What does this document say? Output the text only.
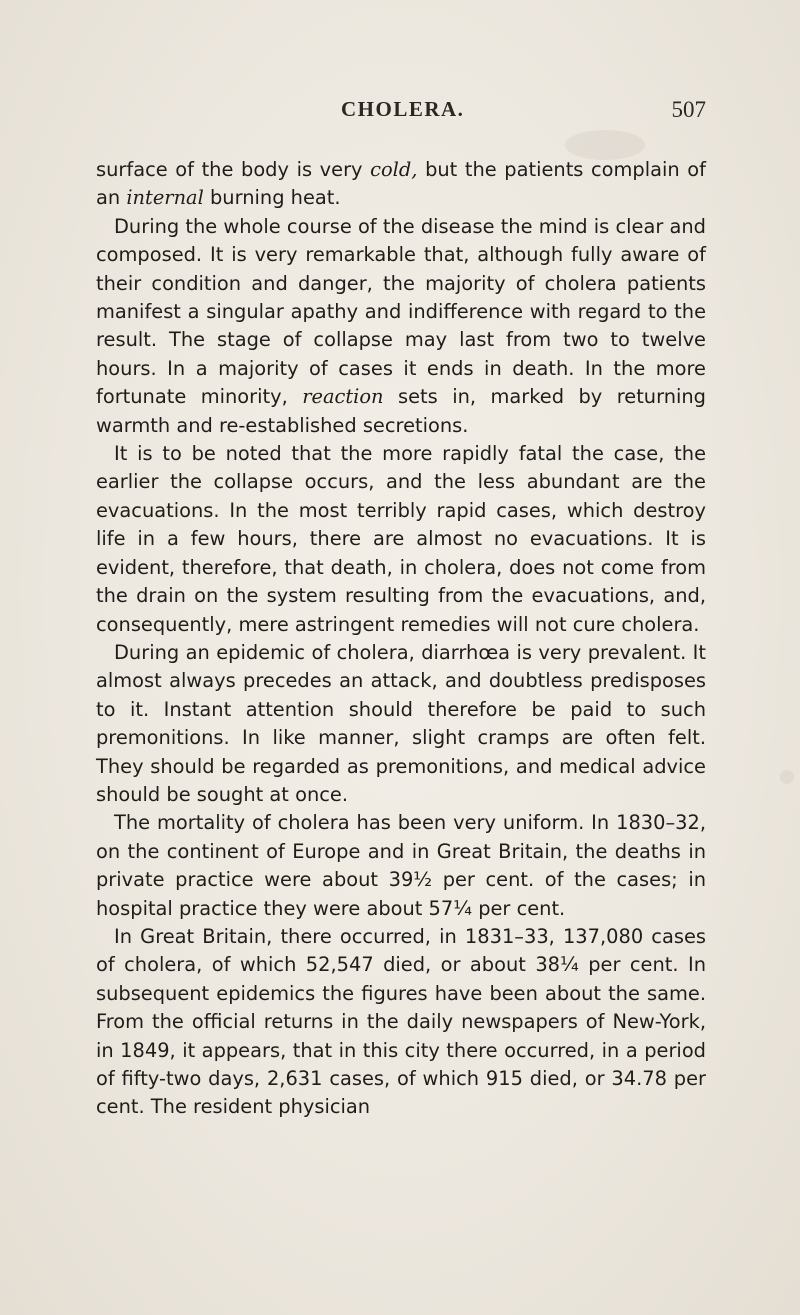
CHOLERA.	507

surface of the body is very cold, but the patients complain of an internal burning heat.

During the whole course of the disease the mind is clear and composed. It is very remarkable that, although fully aware of their condition and danger, the majority of cholera patients manifest a singular apathy and indifference with regard to the result. The stage of collapse may last from two to twelve hours. In a majority of cases it ends in death. In the more fortunate minority, reaction sets in, marked by returning warmth and re-established secretions.

It is to be noted that the more rapidly fatal the case, the earlier the collapse occurs, and the less abundant are the evacuations. In the most terribly rapid cases, which destroy life in a few hours, there are almost no evacuations. It is evident, therefore, that death, in cholera, does not come from the drain on the system resulting from the evacuations, and, consequently, mere astringent remedies will not cure cholera.

During an epidemic of cholera, diarrhœa is very prevalent. It almost always precedes an attack, and doubtless predisposes to it. Instant attention should therefore be paid to such premonitions. In like manner, slight cramps are often felt. They should be regarded as premonitions, and medical advice should be sought at once.

The mortality of cholera has been very uniform. In 1830–32, on the continent of Europe and in Great Britain, the deaths in private practice were about 39½ per cent. of the cases; in hospital practice they were about 57¼ per cent.

In Great Britain, there occurred, in 1831–33, 137,080 cases of cholera, of which 52,547 died, or about 38¼ per cent. In subsequent epidemics the figures have been about the same. From the official returns in the daily newspapers of New-York, in 1849, it appears, that in this city there occurred, in a period of fifty-two days, 2,631 cases, of which 915 died, or 34.78 per cent. The resident physician
